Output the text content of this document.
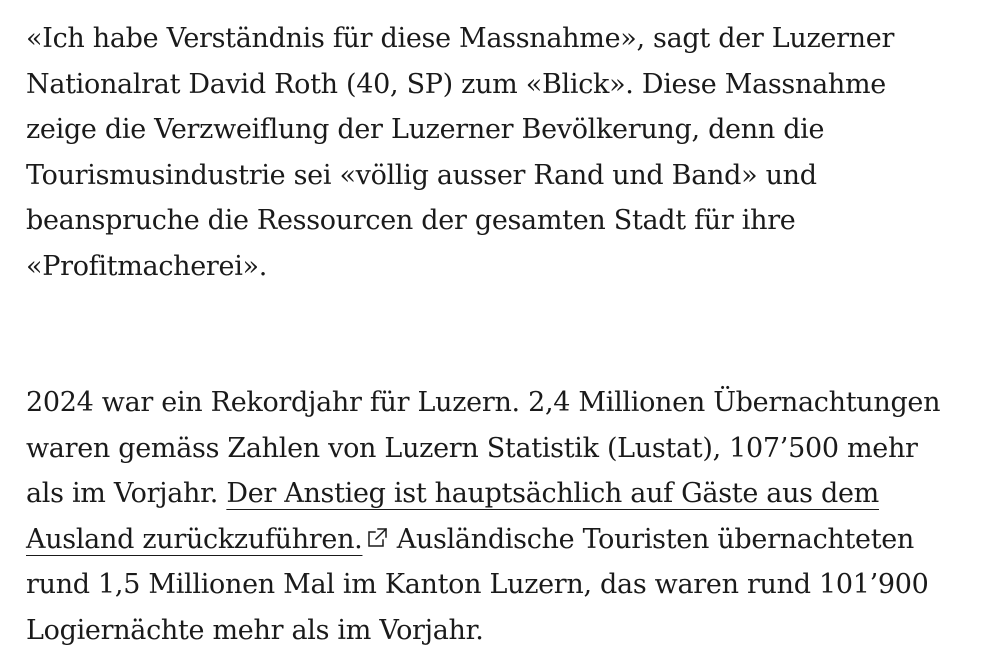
«Ich habe Verständnis für diese Massnahme», sagt der Luzerner Nationalrat David Roth (40, SP) zum «Blick». Diese Massnahme zeige die Verzweiflung der Luzerner Bevölkerung, denn die Tourismusindustrie sei «völlig ausser Rand und Band» und beanspruche die Ressourcen der gesamten Stadt für ihre «Profitmacherei».

2024 war ein Rekordjahr für Luzern. 2,4 Millionen Übernachtungen waren gemäss Zahlen von Luzern Statistik (Lustat), 107’500 mehr als im Vorjahr. Der Anstieg ist hauptsächlich auf Gäste aus dem Ausland zurückzuführen. Ausländische Touristen übernachteten rund 1,5 Millionen Mal im Kanton Luzern, das waren rund 101’900 Logiernächte mehr als im Vorjahr.
